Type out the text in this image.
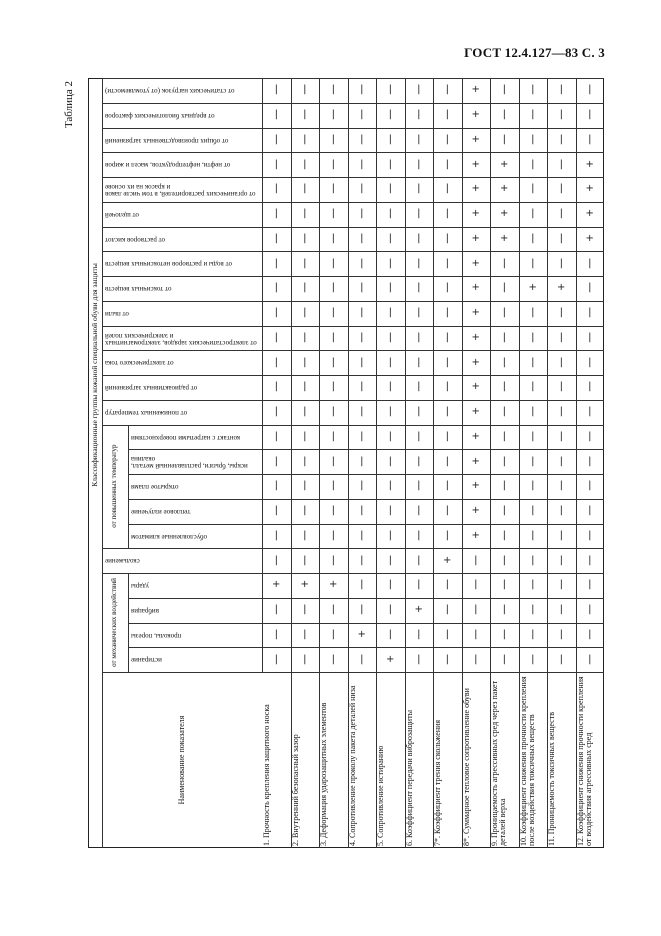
ГОСТ 12.4.127—83 С. 3
Таблица 2
Классификационные группы кожаной специальной обуви для защиты
Наименование показателя
истирание
проколы, порезы
вибрация
удары
скольжение
обусловленные климатом
тепловое излучение
открытое пламя
искры, брызги, расплавленный металл, окалина
контакт с нагретыми поверхностями
от пониженных температур
от радиоактивных загрязнений
от электрического тока
от электростатических зарядов, электромагнитных и электрических полей
от пыли
от токсичных веществ
от воды и растворов нетоксичных веществ
от растворов кислот
от щелочей
от органических растворителей, в том числе лаков и красок на их основе
от нефти, нефтепродуктов, масел и жиров
от общих производственных загрязнений
от вредных биологических факторов
от статических нагрузок (от утомляемости)
от механических воздействий
от повышенных температур
1. Прочность крепления защитного носка
|
|
|
+
|
|
|
|
|
|
|
|
|
|
|
|
|
|
|
|
|
|
|
|
2. Внутренний безопасный зазор
|
|
|
+
|
|
|
|
|
|
|
|
|
|
|
|
|
|
|
|
|
|
|
|
3. Деформация ударозащитных элементов
|
|
|
+
|
|
|
|
|
|
|
|
|
|
|
|
|
|
|
|
|
|
|
|
4. Сопротивление проколу пакета деталей низа
|
+
|
|
|
|
|
|
|
|
|
|
|
|
|
|
|
|
|
|
|
|
|
|
5. Сопротивление истиранию
+
|
|
|
|
|
|
|
|
|
|
|
|
|
|
|
|
|
|
|
|
|
|
|
6. Коэффициент передачи виброзащиты
|
|
+
|
|
|
|
|
|
|
|
|
|
|
|
|
|
|
|
|
|
|
|
|
7*. Коэффициент трения скольжения
|
|
|
|
+
|
|
|
|
|
|
|
|
|
|
|
|
|
|
|
|
|
|
|
8*. Суммарное тепловое сопротивление обуви
|
|
|
|
|
+
+
+
+
+
+
+
+
+
+
+
+
+
+
+
+
+
+
+
9. Проницаемость агрессивных сред через пакет деталей верха
|
|
|
|
|
|
|
|
|
|
|
|
|
|
|
|
|
+
+
+
+
|
|
|
10. Коэффициент снижения прочности крепления после воздействия токсичных веществ
|
|
|
|
|
|
|
|
|
|
|
|
|
|
|
+
|
|
|
|
|
|
|
|
11. Проницаемость токсичных веществ
|
|
|
|
|
|
|
|
|
|
|
|
|
|
|
+
|
|
|
|
|
|
|
|
12. Коэффициент снижения прочности крепления от воздействия агрессивных сред
|
|
|
|
|
|
|
|
|
|
|
|
|
|
|
|
|
+
+
+
+
|
|
|
